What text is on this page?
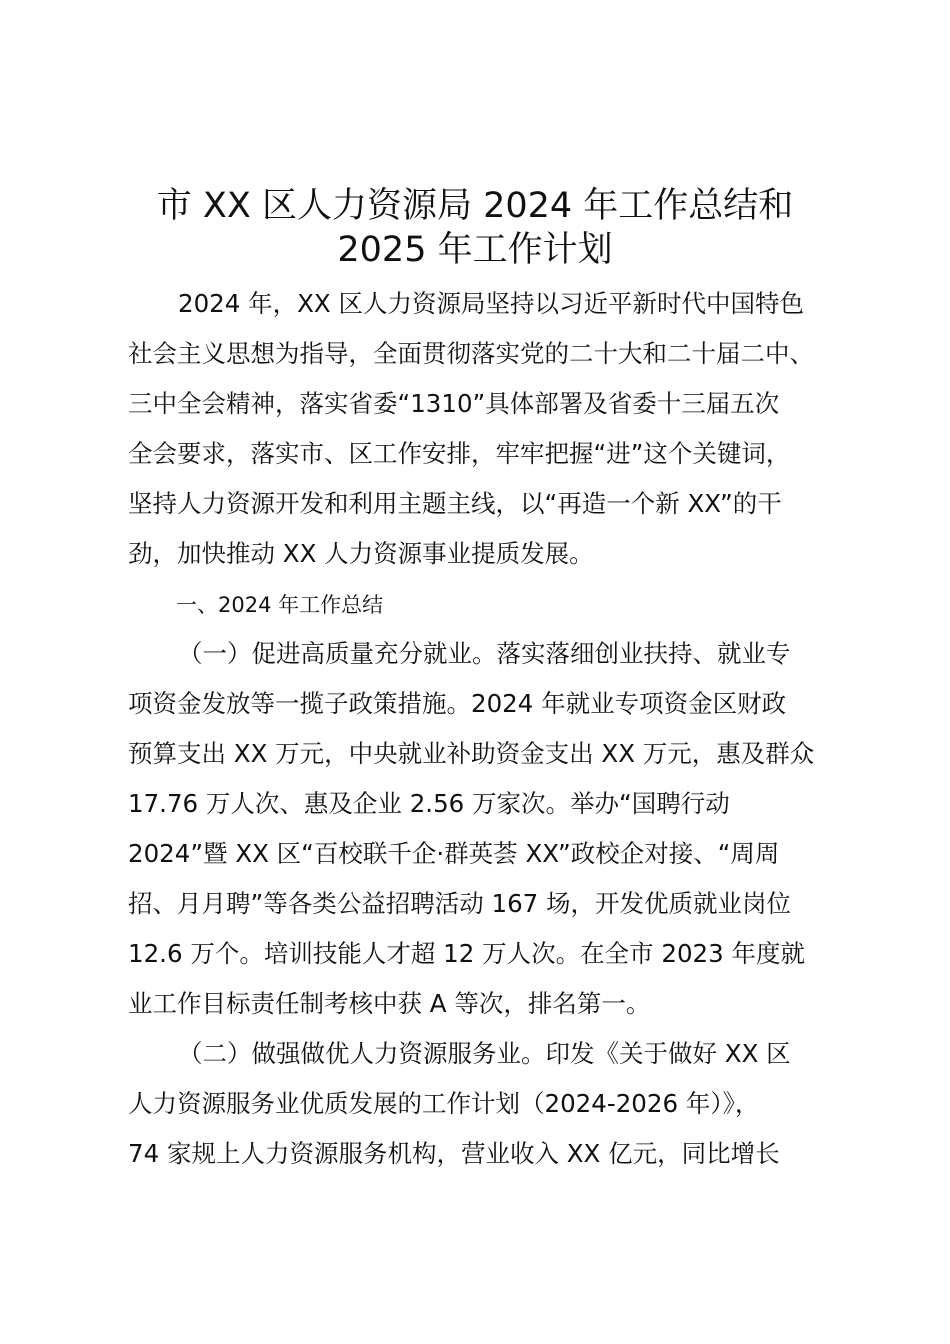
市 XX 区人力资源局 2024 年工作总结和
2025 年工作计划

2024 年，XX 区人力资源局坚持以习近平新时代中国特色

社会主义思想为指导，全面贯彻落实党的二十大和二十届二中、

三中全会精神，落实省委“1310”具体部署及省委十三届五次

全会要求，落实市、区工作安排，牢牢把握“进”这个关键词，

坚持人力资源开发和利用主题主线，以“再造一个新 XX”的干

劲，加快推动 XX 人力资源事业提质发展。

一、2024 年工作总结

（一）促进高质量充分就业。落实落细创业扶持、就业专

项资金发放等一揽子政策措施。2024 年就业专项资金区财政

预算支出 XX 万元，中央就业补助资金支出 XX 万元，惠及群众

17.76 万人次、惠及企业 2.56 万家次。举办“国聘行动

2024”暨 XX 区“百校联千企·群英荟 XX”政校企对接、“周周

招、月月聘”等各类公益招聘活动 167 场，开发优质就业岗位

12.6 万个。培训技能人才超 12 万人次。在全市 2023 年度就

业工作目标责任制考核中获 A 等次，排名第一。

（二）做强做优人力资源服务业。印发《关于做好 XX 区

人力资源服务业优质发展的工作计划（2024-2026 年）》，

74 家规上人力资源服务机构，营业收入 XX 亿元，同比增长
